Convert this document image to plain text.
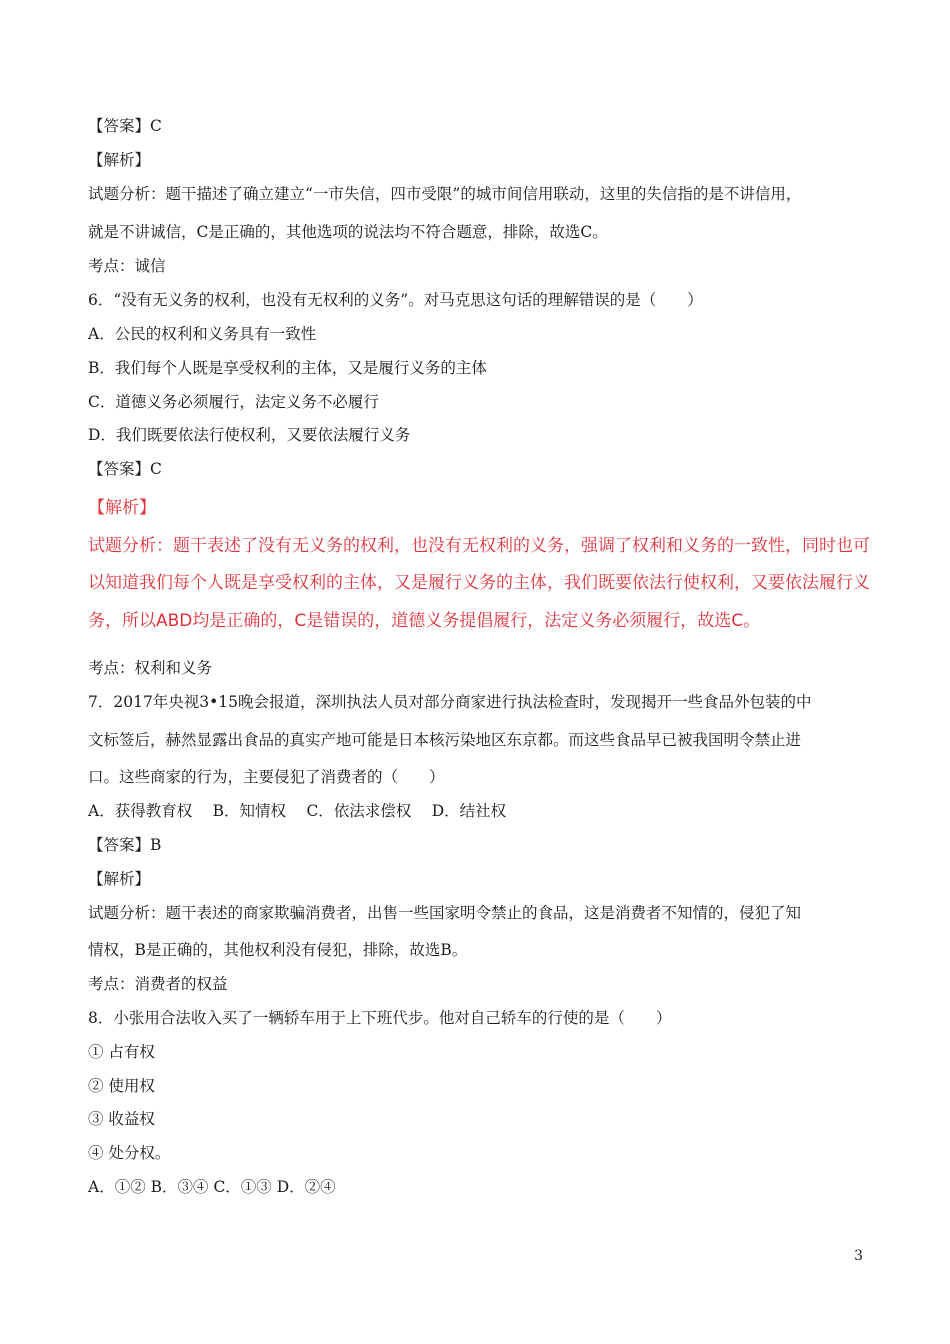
【答案】C
【解析】
试题分析：题干描述了确立建立“一市失信，四市受限”的城市间信用联动，这里的失信指的是不讲信用，
就是不讲诚信，C是正确的，其他选项的说法均不符合题意，排除，故选C。
考点：诚信
6．“没有无义务的权利，也没有无权利的义务”。对马克思这句话的理解错误的是（　　）
A．公民的权利和义务具有一致性
B．我们每个人既是享受权利的主体，又是履行义务的主体
C．道德义务必须履行，法定义务不必履行
D．我们既要依法行使权利，又要依法履行义务
【答案】C
【解析】
试题分析：题干表述了没有无义务的权利，也没有无权利的义务，强调了权利和义务的一致性，同时也可
以知道我们每个人既是享受权利的主体，又是履行义务的主体，我们既要依法行使权利，又要依法履行义
务，所以ABD均是正确的，C是错误的，道德义务提倡履行，法定义务必须履行，故选C。
考点：权利和义务
7．2017年央视3•15晚会报道，深圳执法人员对部分商家进行执法检查时，发现揭开一些食品外包装的中
文标签后，赫然显露出食品的真实产地可能是日本核污染地区东京都。而这些食品早已被我国明令禁止进
口。这些商家的行为，主要侵犯了消费者的（　　）
A．获得教育权　 B．知情权　 C．依法求偿权　 D．结社权
【答案】B
【解析】
试题分析：题干表述的商家欺骗消费者，出售一些国家明令禁止的食品，这是消费者不知情的，侵犯了知
情权，B是正确的，其他权利没有侵犯，排除，故选B。
考点：消费者的权益
8．小张用合法收入买了一辆轿车用于上下班代步。他对自己轿车的行使的是（　　）
① 占有权
② 使用权
③ 收益权
④ 处分权。
A．①② B．③④ C．①③ D．②④
3
